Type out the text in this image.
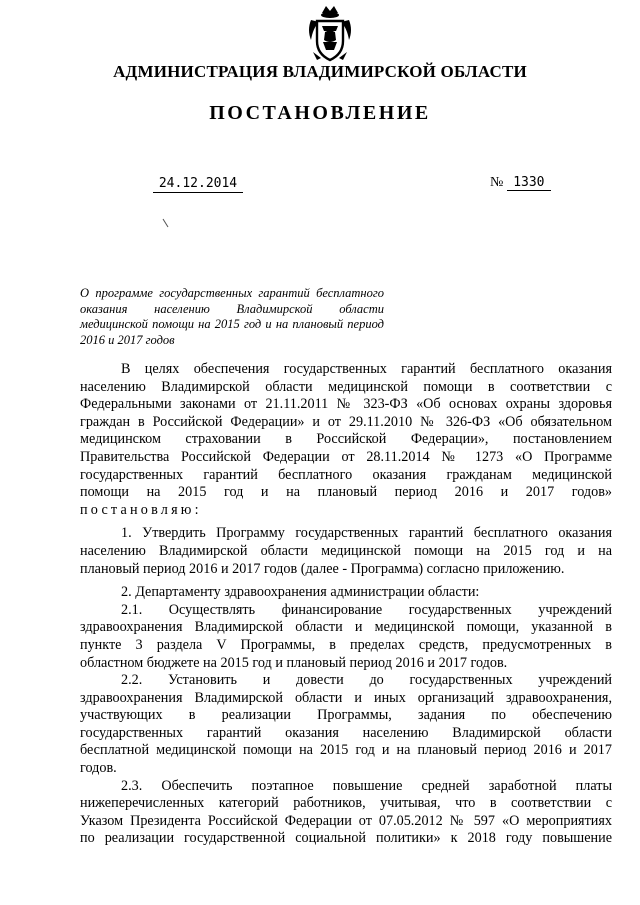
АДМИНИСТРАЦИЯ ВЛАДИМИРСКОЙ ОБЛАСТИ
ПОСТАНОВЛЕНИЕ
24.12.2014	№ 1330
О программе государственных гарантий бесплатного
оказания населению Владимирской области
медицинской помощи на 2015 год и на плановый период
2016 и 2017 годов

В целях обеспечения государственных гарантий бесплатного оказания
населению Владимирской области медицинской помощи в соответствии с
Федеральными законами от 21.11.2011 № 323-ФЗ «Об основах охраны здоровья
граждан в Российской Федерации» и от 29.11.2010 № 326-ФЗ «Об обязательном
медицинском страховании в Российской Федерации», постановлением
Правительства Российской Федерации от 28.11.2014 № 1273 «О Программе
государственных гарантий бесплатного оказания гражданам медицинской
помощи на 2015 год и на плановый период 2016 и 2017 годов»
постановляю:

1. Утвердить Программу государственных гарантий бесплатного оказания
населению Владимирской области медицинской помощи на 2015 год и на
плановый период 2016 и 2017 годов (далее - Программа) согласно приложению.

2. Департаменту здравоохранения администрации области:

2.1. Осуществлять финансирование государственных учреждений
здравоохранения Владимирской области и медицинской помощи, указанной в
пункте 3 раздела V Программы, в пределах средств, предусмотренных в
областном бюджете на 2015 год и плановый период 2016 и 2017 годов.

2.2. Установить и довести до государственных учреждений
здравоохранения Владимирской области и иных организаций здравоохранения,
участвующих в реализации Программы, задания по обеспечению
государственных гарантий оказания населению Владимирской области
бесплатной медицинской помощи на 2015 год и на плановый период 2016 и 2017
годов.

2.3. Обеспечить поэтапное повышение средней заработной платы
нижеперечисленных категорий работников, учитывая, что в соответствии с
Указом Президента Российской Федерации от 07.05.2012 № 597 «О мероприятиях
по реализации государственной социальной политики» к 2018 году повышение
